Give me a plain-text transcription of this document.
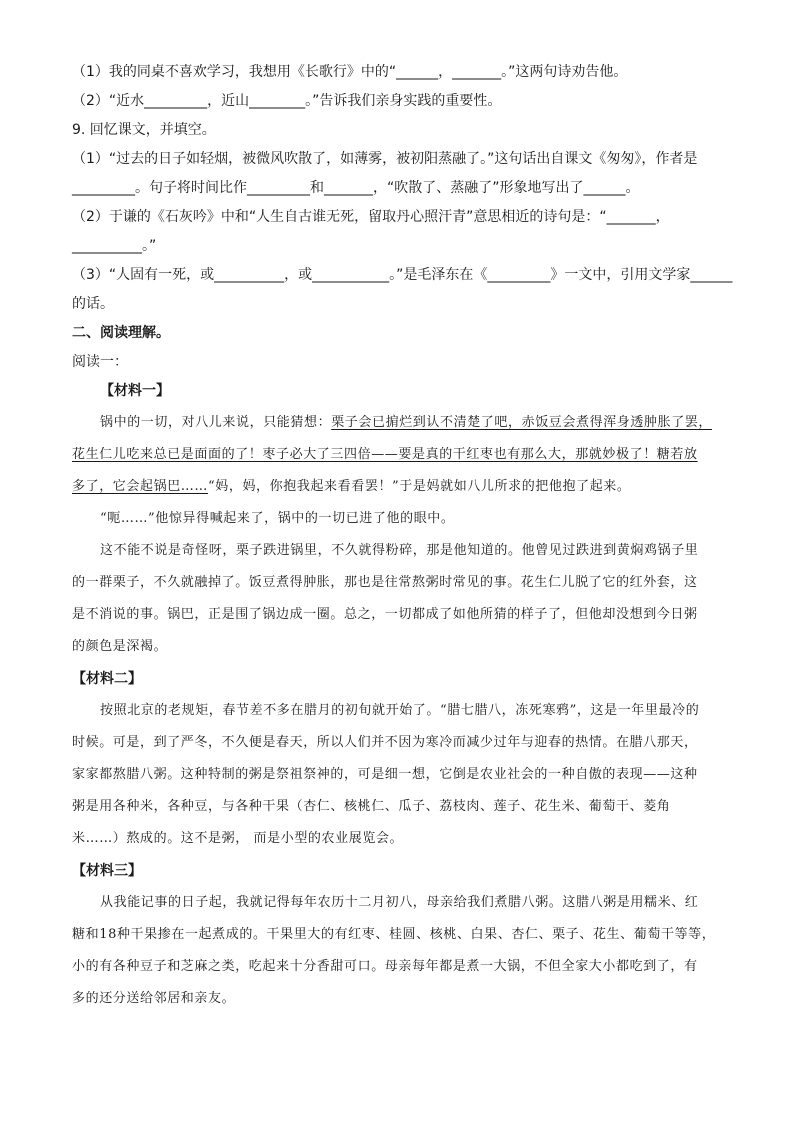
（1）我的同桌不喜欢学习，我想用《长歌行》中的“______，_______。”这两句诗劝告他。
（2）“近水_________，近山________。”告诉我们亲身实践的重要性。
9. 回忆课文，并填空。
（1）“过去的日子如轻烟，被微风吹散了，如薄雾，被初阳蒸融了。”这句话出自课文《匆匆》，作者是
_________。句子将时间比作_________和_______，“吹散了、蒸融了”形象地写出了______。
（2）于谦的《石灰吟》中和“人生自古谁无死，留取丹心照汗青”意思相近的诗句是：“_______，
__________。”
（3）“人固有一死，或__________，或___________。”是毛泽东在《_________》一文中，引用文学家______
的话。
二、阅读理解。
阅读一：
【材料一】
锅中的一切，对八儿来说，只能猜想：栗子会已掮烂到认不清楚了吧，赤饭豆会煮得浑身透肿胀了罢，
花生仁儿吃来总已是面面的了！枣子必大了三四倍——要是真的干红枣也有那么大，那就妙极了！糖若放
多了，它会起锅巴……“妈，妈，你抱我起来看看罢！”于是妈就如八儿所求的把他抱了起来。
“呃……”他惊异得喊起来了，锅中的一切已进了他的眼中。
这不能不说是奇怪呀，栗子跌进锅里，不久就得粉碎，那是他知道的。他曾见过跌进到黄焖鸡锅子里
的一群栗子，不久就融掉了。饭豆煮得肿胀，那也是往常熬粥时常见的事。花生仁儿脱了它的红外套，这
是不消说的事。锅巴，正是围了锅边成一圈。总之，一切都成了如他所猜的样子了，但他却没想到今日粥
的颜色是深褐。
【材料二】
按照北京的老规矩，春节差不多在腊月的初旬就开始了。“腊七腊八，冻死寒鸦”，这是一年里最冷的
时候。可是，到了严冬，不久便是春天，所以人们并不因为寒冷而减少过年与迎春的热情。在腊八那天，
家家都熬腊八粥。这种特制的粥是祭祖祭神的，可是细一想，它倒是农业社会的一种自傲的表现——这种
粥是用各种米，各种豆，与各种干果（杏仁、核桃仁、瓜子、荔枝肉、莲子、花生米、葡萄干、菱角
米……）熬成的。这不是粥， 而是小型的农业展览会。
【材料三】
从我能记事的日子起，我就记得每年农历十二月初八，母亲给我们煮腊八粥。这腊八粥是用糯米、红
糖和18种干果掺在一起煮成的。干果里大的有红枣、桂圆、核桃、白果、杏仁、栗子、花生、葡萄干等等，
小的有各种豆子和芝麻之类，吃起来十分香甜可口。母亲每年都是煮一大锅，不但全家大小都吃到了，有
多的还分送给邻居和亲友。
